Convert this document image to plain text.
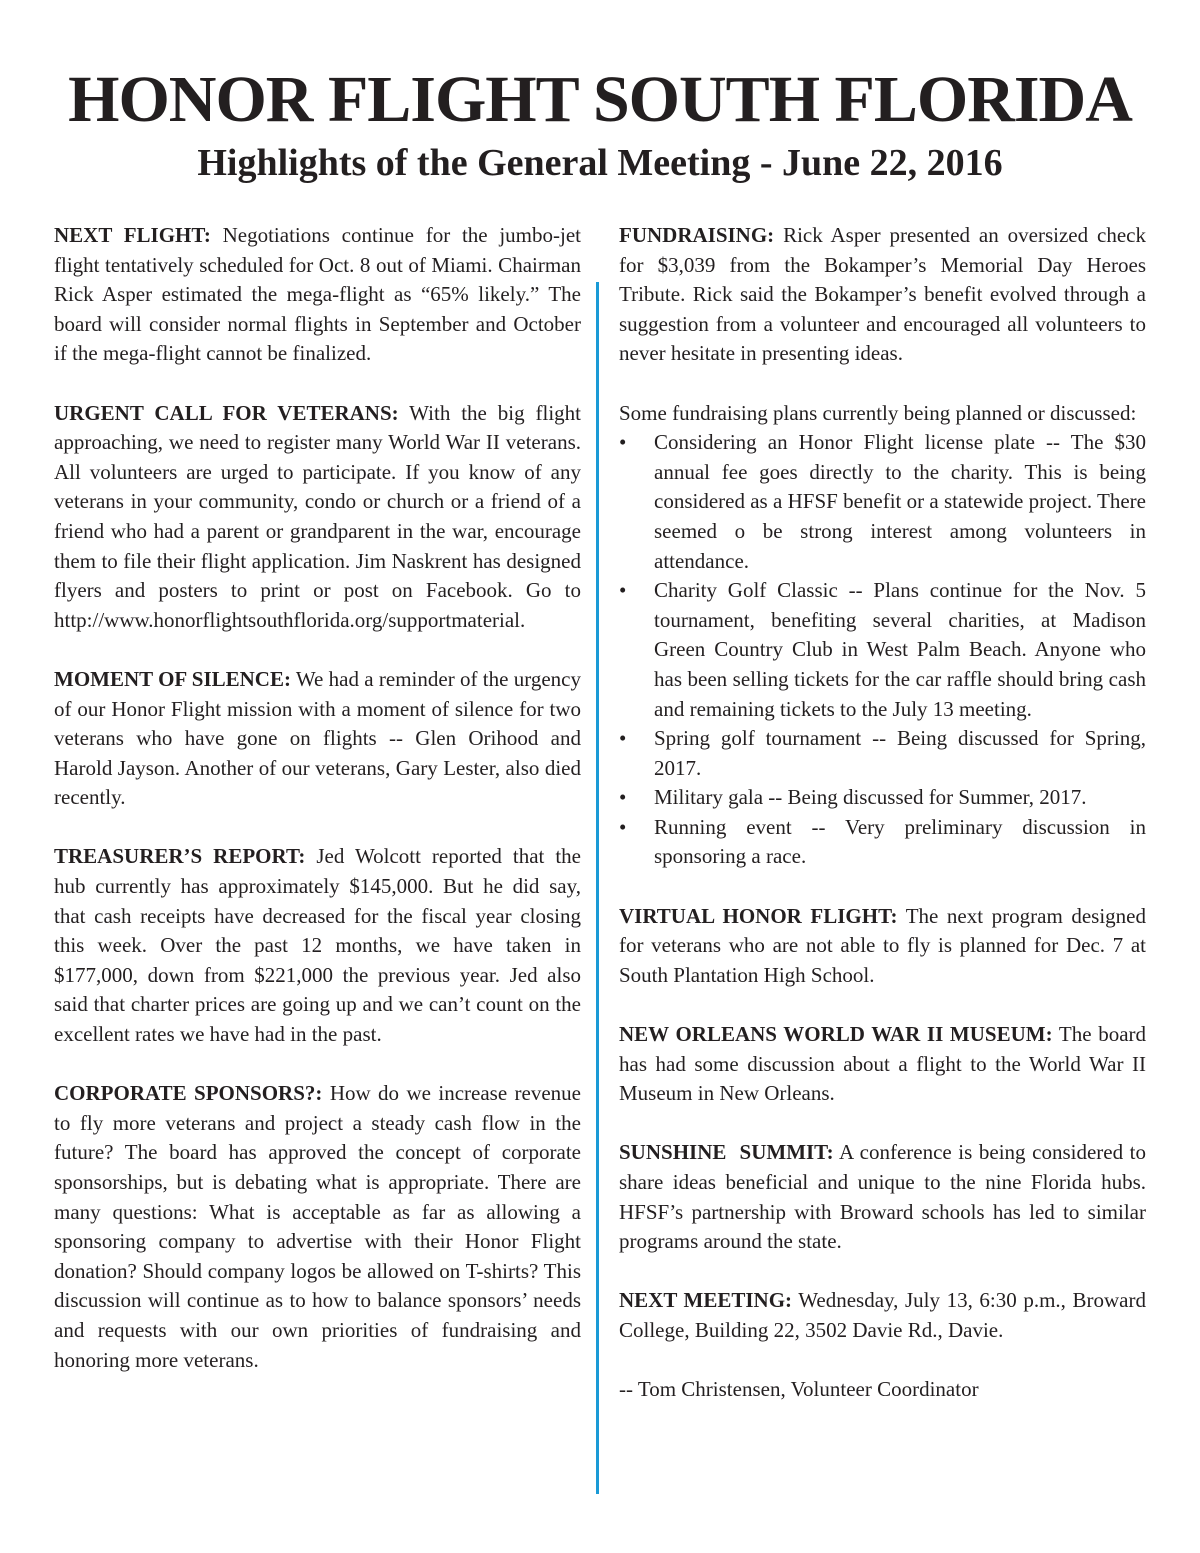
HONOR FLIGHT SOUTH FLORIDA
Highlights of the General Meeting - June 22, 2016

NEXT FLIGHT: Negotiations continue for the jumbo-jet flight tentatively scheduled for Oct. 8 out of Miami. Chairman Rick Asper estimated the mega-flight as “65% likely.” The board will consider normal flights in September and October if the mega-flight cannot be finalized.

URGENT CALL FOR VETERANS: With the big flight approaching, we need to register many World War II veterans. All volunteers are urged to participate. If you know of any veterans in your community, condo or church or a friend of a friend who had a parent or grandparent in the war, encourage them to file their flight application. Jim Naskrent has designed flyers and posters to print or post on Facebook. Go to http://www.honorflightsouthflorida.org/supportmaterial.

MOMENT OF SILENCE: We had a reminder of the urgency of our Honor Flight mission with a moment of silence for two veterans who have gone on flights -- Glen Orihood and Harold Jayson. Another of our veterans, Gary Lester, also died recently.

TREASURER’S REPORT: Jed Wolcott reported that the hub currently has approximately $145,000. But he did say, that cash receipts have decreased for the fiscal year closing this week. Over the past 12 months, we have taken in $177,000, down from $221,000 the previous year. Jed also said that charter prices are going up and we can’t count on the excellent rates we have had in the past.

CORPORATE SPONSORS?: How do we increase revenue to fly more veterans and project a steady cash flow in the future? The board has approved the concept of corporate sponsorships, but is debating what is appropriate. There are many questions: What is acceptable as far as allowing a sponsoring company to advertise with their Honor Flight donation? Should company logos be allowed on T-shirts? This discussion will continue as to how to balance sponsors’ needs and requests with our own priorities of fundraising and honoring more veterans.

FUNDRAISING: Rick Asper presented an oversized check for $3,039 from the Bokamper’s Memorial Day Heroes Tribute. Rick said the Bokamper’s benefit evolved through a suggestion from a volunteer and encouraged all volunteers to never hesitate in presenting ideas.

Some fundraising plans currently being planned or discussed:

• Considering an Honor Flight license plate -- The $30 annual fee goes directly to the charity. This is being considered as a HFSF benefit or a statewide project. There seemed o be strong interest among volunteers in attendance.
• Charity Golf Classic -- Plans continue for the Nov. 5 tournament, benefiting several charities, at Madison Green Country Club in West Palm Beach. Anyone who has been selling tickets for the car raffle should bring cash and remaining tickets to the July 13 meeting.
• Spring golf tournament -- Being discussed for Spring, 2017.
• Military gala -- Being discussed for Summer, 2017.
• Running event -- Very preliminary discussion in sponsoring a race.

VIRTUAL HONOR FLIGHT: The next program designed for veterans who are not able to fly is planned for Dec. 7 at South Plantation High School.

NEW ORLEANS WORLD WAR II MUSEUM: The board has had some discussion about a flight to the World War II Museum in New Orleans.

SUNSHINE  SUMMIT: A conference is being considered to share ideas beneficial and unique to the nine Florida hubs. HFSF’s partnership with Broward schools has led to similar programs around the state.

NEXT MEETING: Wednesday, July 13, 6:30 p.m., Broward College, Building 22, 3502 Davie Rd., Davie.

-- Tom Christensen, Volunteer Coordinator
